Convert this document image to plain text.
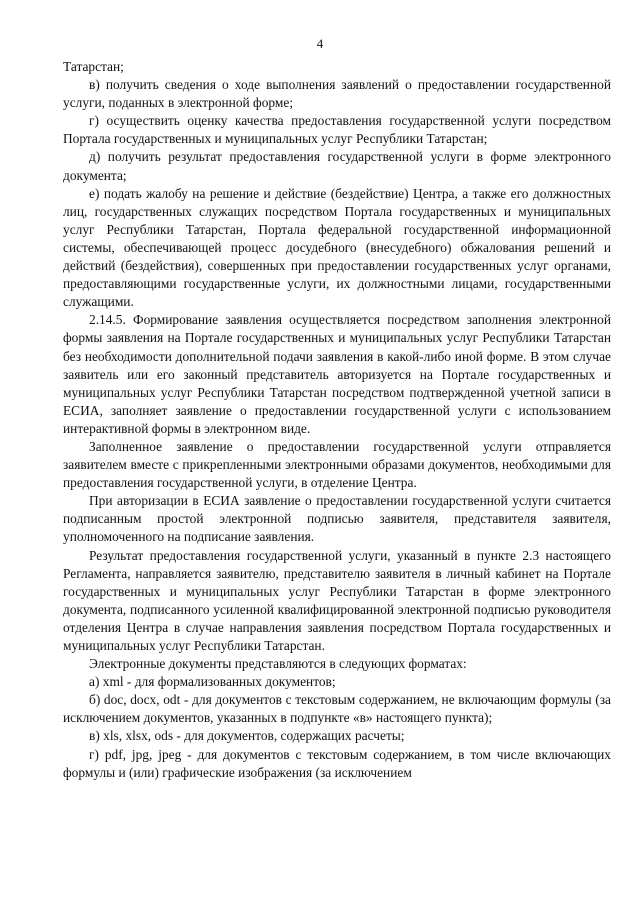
4

Татарстан;

в) получить сведения о ходе выполнения заявлений о предоставлении государственной услуги, поданных в электронной форме;

г) осуществить оценку качества предоставления государственной услуги посредством Портала государственных и муниципальных услуг Республики Татарстан;

д) получить результат предоставления государственной услуги в форме электронного документа;

е) подать жалобу на решение и действие (бездействие) Центра, а также его должностных лиц, государственных служащих посредством Портала государственных и муниципальных услуг Республики Татарстан, Портала федеральной государственной информационной системы, обеспечивающей процесс досудебного (внесудебного) обжалования решений и действий (бездействия), совершенных при предоставлении государственных услуг органами, предоставляющими государственные услуги, их должностными лицами, государственными служащими.

2.14.5. Формирование заявления осуществляется посредством заполнения электронной формы заявления на Портале государственных и муниципальных услуг Республики Татарстан без необходимости дополнительной подачи заявления в какой-либо иной форме. В этом случае заявитель или его законный представитель авторизуется на Портале государственных и муниципальных услуг Республики Татарстан посредством подтвержденной учетной записи в ЕСИА, заполняет заявление о предоставлении государственной услуги с использованием интерактивной формы в электронном виде.

Заполненное заявление о предоставлении государственной услуги отправляется заявителем вместе с прикрепленными электронными образами документов, необходимыми для предоставления государственной услуги, в отделение Центра.

При авторизации в ЕСИА заявление о предоставлении государственной услуги считается подписанным простой электронной подписью заявителя, представителя заявителя, уполномоченного на подписание заявления.

Результат предоставления государственной услуги, указанный в пункте 2.3 настоящего Регламента, направляется заявителю, представителю заявителя в личный кабинет на Портале государственных и муниципальных услуг Республики Татарстан в форме электронного документа, подписанного усиленной квалифицированной электронной подписью руководителя отделения Центра в случае направления заявления посредством Портала государственных и муниципальных услуг Республики Татарстан.

Электронные документы представляются в следующих форматах:

а) xml - для формализованных документов;

б) doc, docx, odt - для документов с текстовым содержанием, не включающим формулы (за исключением документов, указанных в подпункте «в» настоящего пункта);

в) xls, xlsx, ods - для документов, содержащих расчеты;

г) pdf, jpg, jpeg - для документов с текстовым содержанием, в том числе включающих формулы и (или) графические изображения (за исключением
